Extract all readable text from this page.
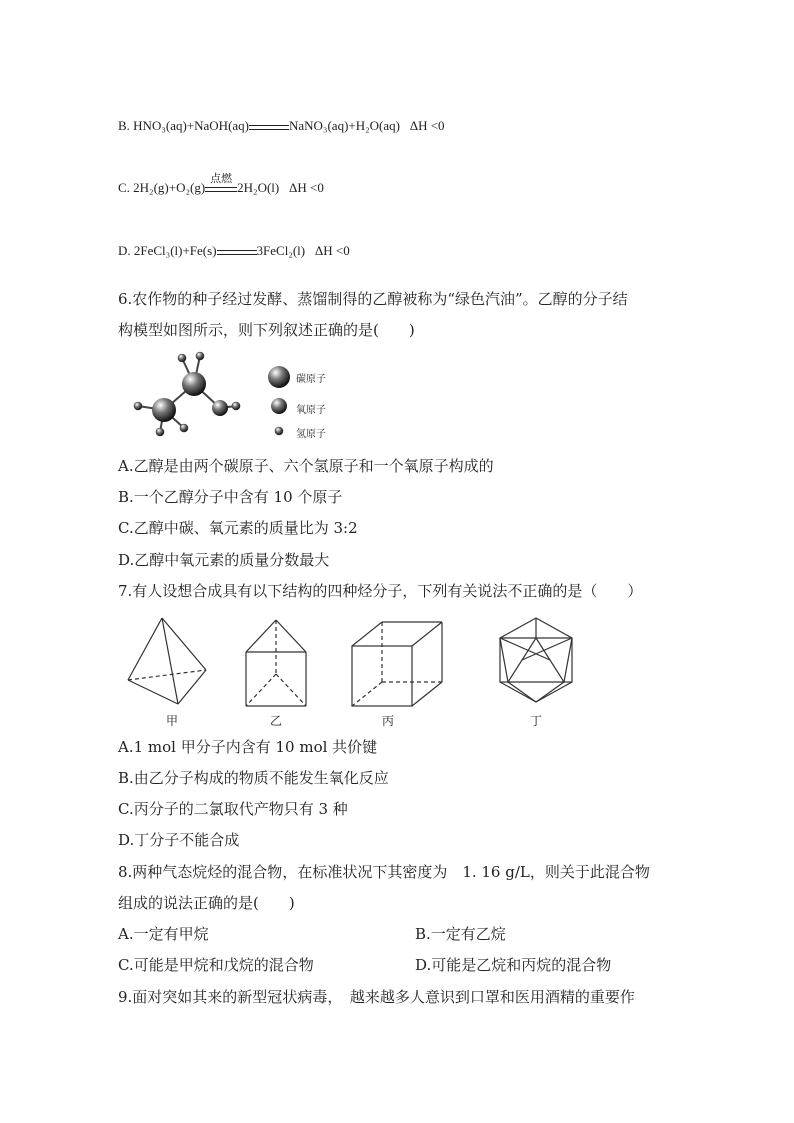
B. HNO₃(aq)+NaOH(aq)	NaNO₃(aq)+H₂O(aq) ΔH <0
C. 2H₂(g)+O₂(g)
点燃
2H₂O(l) ΔH <0
D. 2FeCl₃(l)+Fe(s)	3FeCl₂(l) ΔH <0
6.农作物的种子经过发酵、蒸馏制得的乙醇被称为“绿色汽油”。乙醇的分子结
构模型如图所示，则下列叙述正确的是(　　)
碳原子
氧原子
氢原子
A.乙醇是由两个碳原子、六个氢原子和一个氧原子构成的
B.一个乙醇分子中含有 10 个原子
C.乙醇中碳、氧元素的质量比为 3:2
D.乙醇中氧元素的质量分数最大
7.有人设想合成具有以下结构的四种烃分子，下列有关说法不正确的是（　　）
甲	乙	丙	丁
A.1 mol 甲分子内含有 10 mol 共价键
B.由乙分子构成的物质不能发生氧化反应
C.丙分子的二氯取代产物只有 3 种
D.丁分子不能合成
8.两种气态烷烃的混合物，在标准状况下其密度为　1. 16 g/L，则关于此混合物
组成的说法正确的是(　　)
A.一定有甲烷	B.一定有乙烷
C.可能是甲烷和戊烷的混合物	D.可能是乙烷和丙烷的混合物
9.面对突如其来的新型冠状病毒，　越来越多人意识到口罩和医用酒精的重要作
